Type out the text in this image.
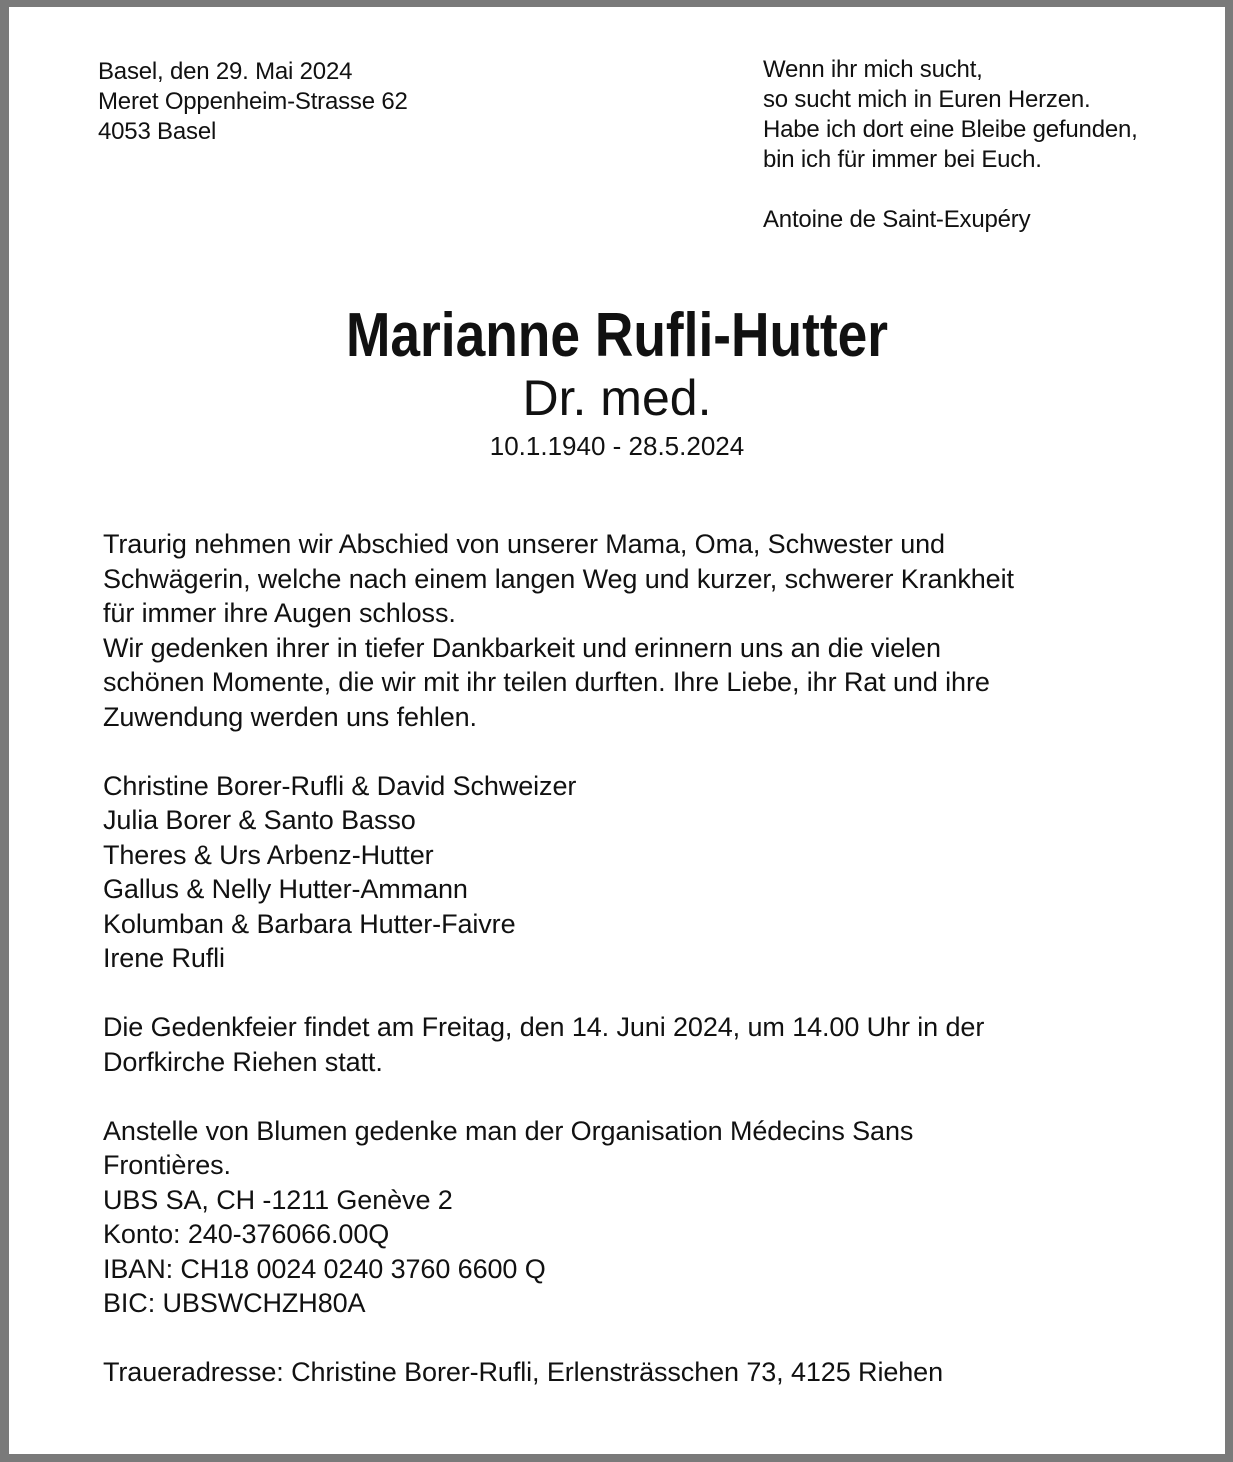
Basel, den 29. Mai 2024
Meret Oppenheim-Strasse 62
4053 Basel
Wenn ihr mich sucht,
so sucht mich in Euren Herzen.
Habe ich dort eine Bleibe gefunden,
bin ich für immer bei Euch.
Antoine de Saint-Exupéry
Marianne Rufli-Hutter
Dr. med.
10.1.1940 - 28.5.2024
Traurig nehmen wir Abschied von unserer Mama, Oma, Schwester und
Schwägerin, welche nach einem langen Weg und kurzer, schwerer Krankheit
für immer ihre Augen schloss.
Wir gedenken ihrer in tiefer Dankbarkeit und erinnern uns an die vielen
schönen Momente, die wir mit ihr teilen durften. Ihre Liebe, ihr Rat und ihre
Zuwendung werden uns fehlen.
Christine Borer-Rufli & David Schweizer
Julia Borer & Santo Basso
Theres & Urs Arbenz-Hutter
Gallus & Nelly Hutter-Ammann
Kolumban & Barbara Hutter-Faivre
Irene Rufli
Die Gedenkfeier findet am Freitag, den 14. Juni 2024, um 14.00 Uhr in der
Dorfkirche Riehen statt.
Anstelle von Blumen gedenke man der Organisation Médecins Sans
Frontières.
UBS SA, CH -1211 Genève 2
Konto: 240-376066.00Q
IBAN: CH18 0024 0240 3760 6600 Q
BIC: UBSWCHZH80A
Traueradresse: Christine Borer-Rufli, Erlensträsschen 73, 4125 Riehen
